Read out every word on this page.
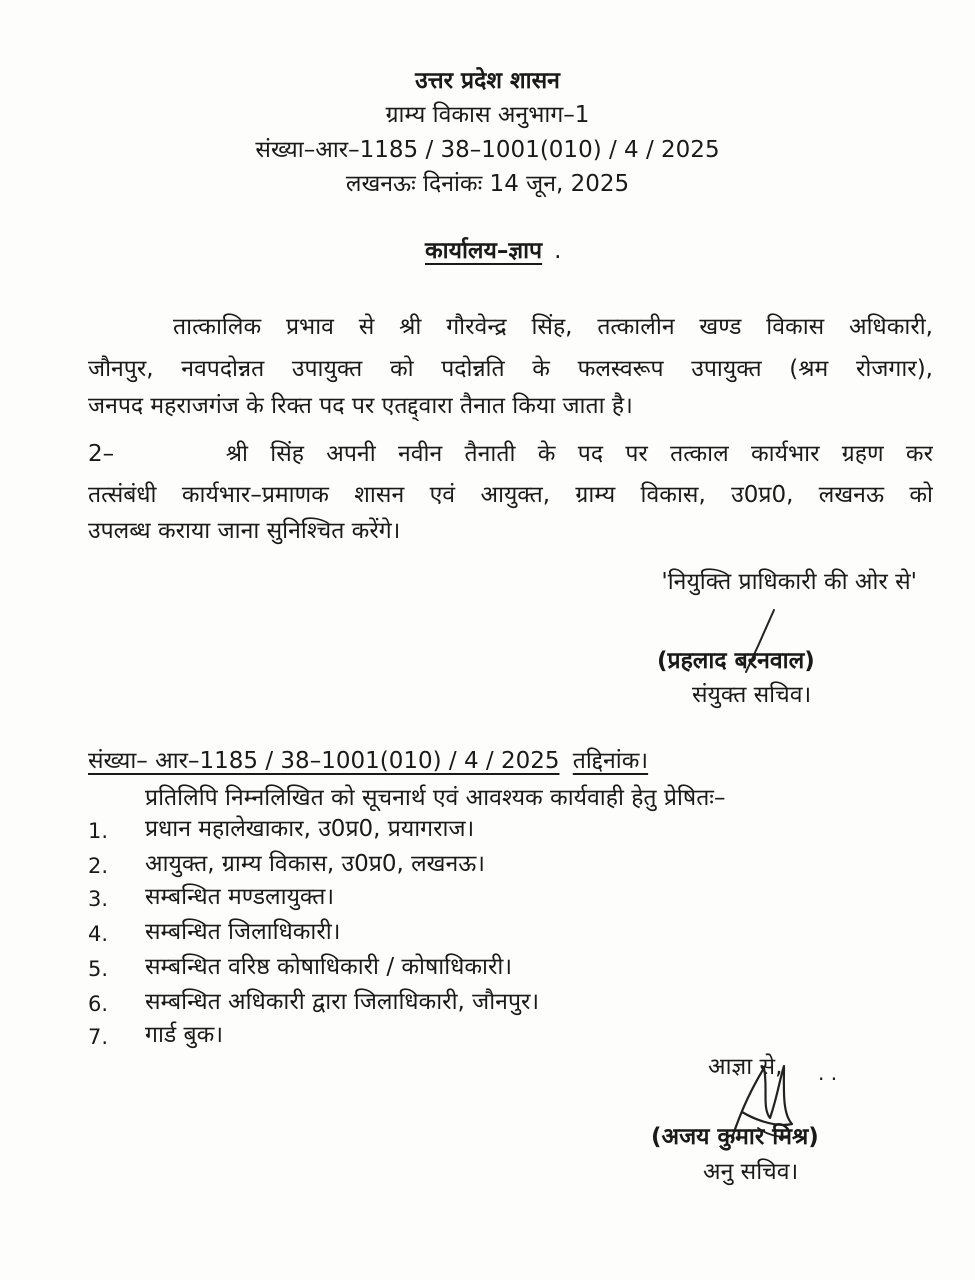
उत्तर प्रदेश शासन
ग्राम्य विकास अनुभाग–1
संख्या–आर–1185 / 38–1001(010) / 4 / 2025
लखनऊः दिनांकः 14 जून, 2025
कार्यालय–ज्ञाप .
तात्कालिक प्रभाव से श्री गौरवेन्द्र सिंह, तत्कालीन खण्ड विकास अधिकारी,
जौनपुर, नवपदोन्नत उपायुक्त को पदोन्नति के फलस्वरूप उपायुक्त (श्रम रोजगार),
जनपद महराजगंज के रिक्त पद पर एतद्द्वारा तैनात किया जाता है।
2–     श्री सिंह अपनी नवीन तैनाती के पद पर तत्काल कार्यभार ग्रहण कर
तत्संबंधी कार्यभार–प्रमाणक शासन एवं आयुक्त, ग्राम्य विकास, उ0प्र0, लखनऊ को
उपलब्ध कराया जाना सुनिश्चित करेंगे।
'नियुक्ति प्राधिकारी की ओर से'
(प्रहलाद बरनवाल)
संयुक्त सचिव।
संख्या– आर–1185 / 38–1001(010) / 4 / 2025 तद्दिनांक।
प्रतिलिपि निम्नलिखित को सूचनार्थ एवं आवश्यक कार्यवाही हेतु प्रेषितः–
1. प्रधान महालेखाकार, उ0प्र0, प्रयागराज।
2. आयुक्त, ग्राम्य विकास, उ0प्र0, लखनऊ।
3. सम्बन्धित मण्डलायुक्त।
4. सम्बन्धित जिलाधिकारी।
5. सम्बन्धित वरिष्ठ कोषाधिकारी / कोषाधिकारी।
6. सम्बन्धित अधिकारी द्वारा जिलाधिकारी, जौनपुर।
7. गार्ड बुक।
आज्ञा से, . .
(अजय कुमार मिश्र)
अनु सचिव।
